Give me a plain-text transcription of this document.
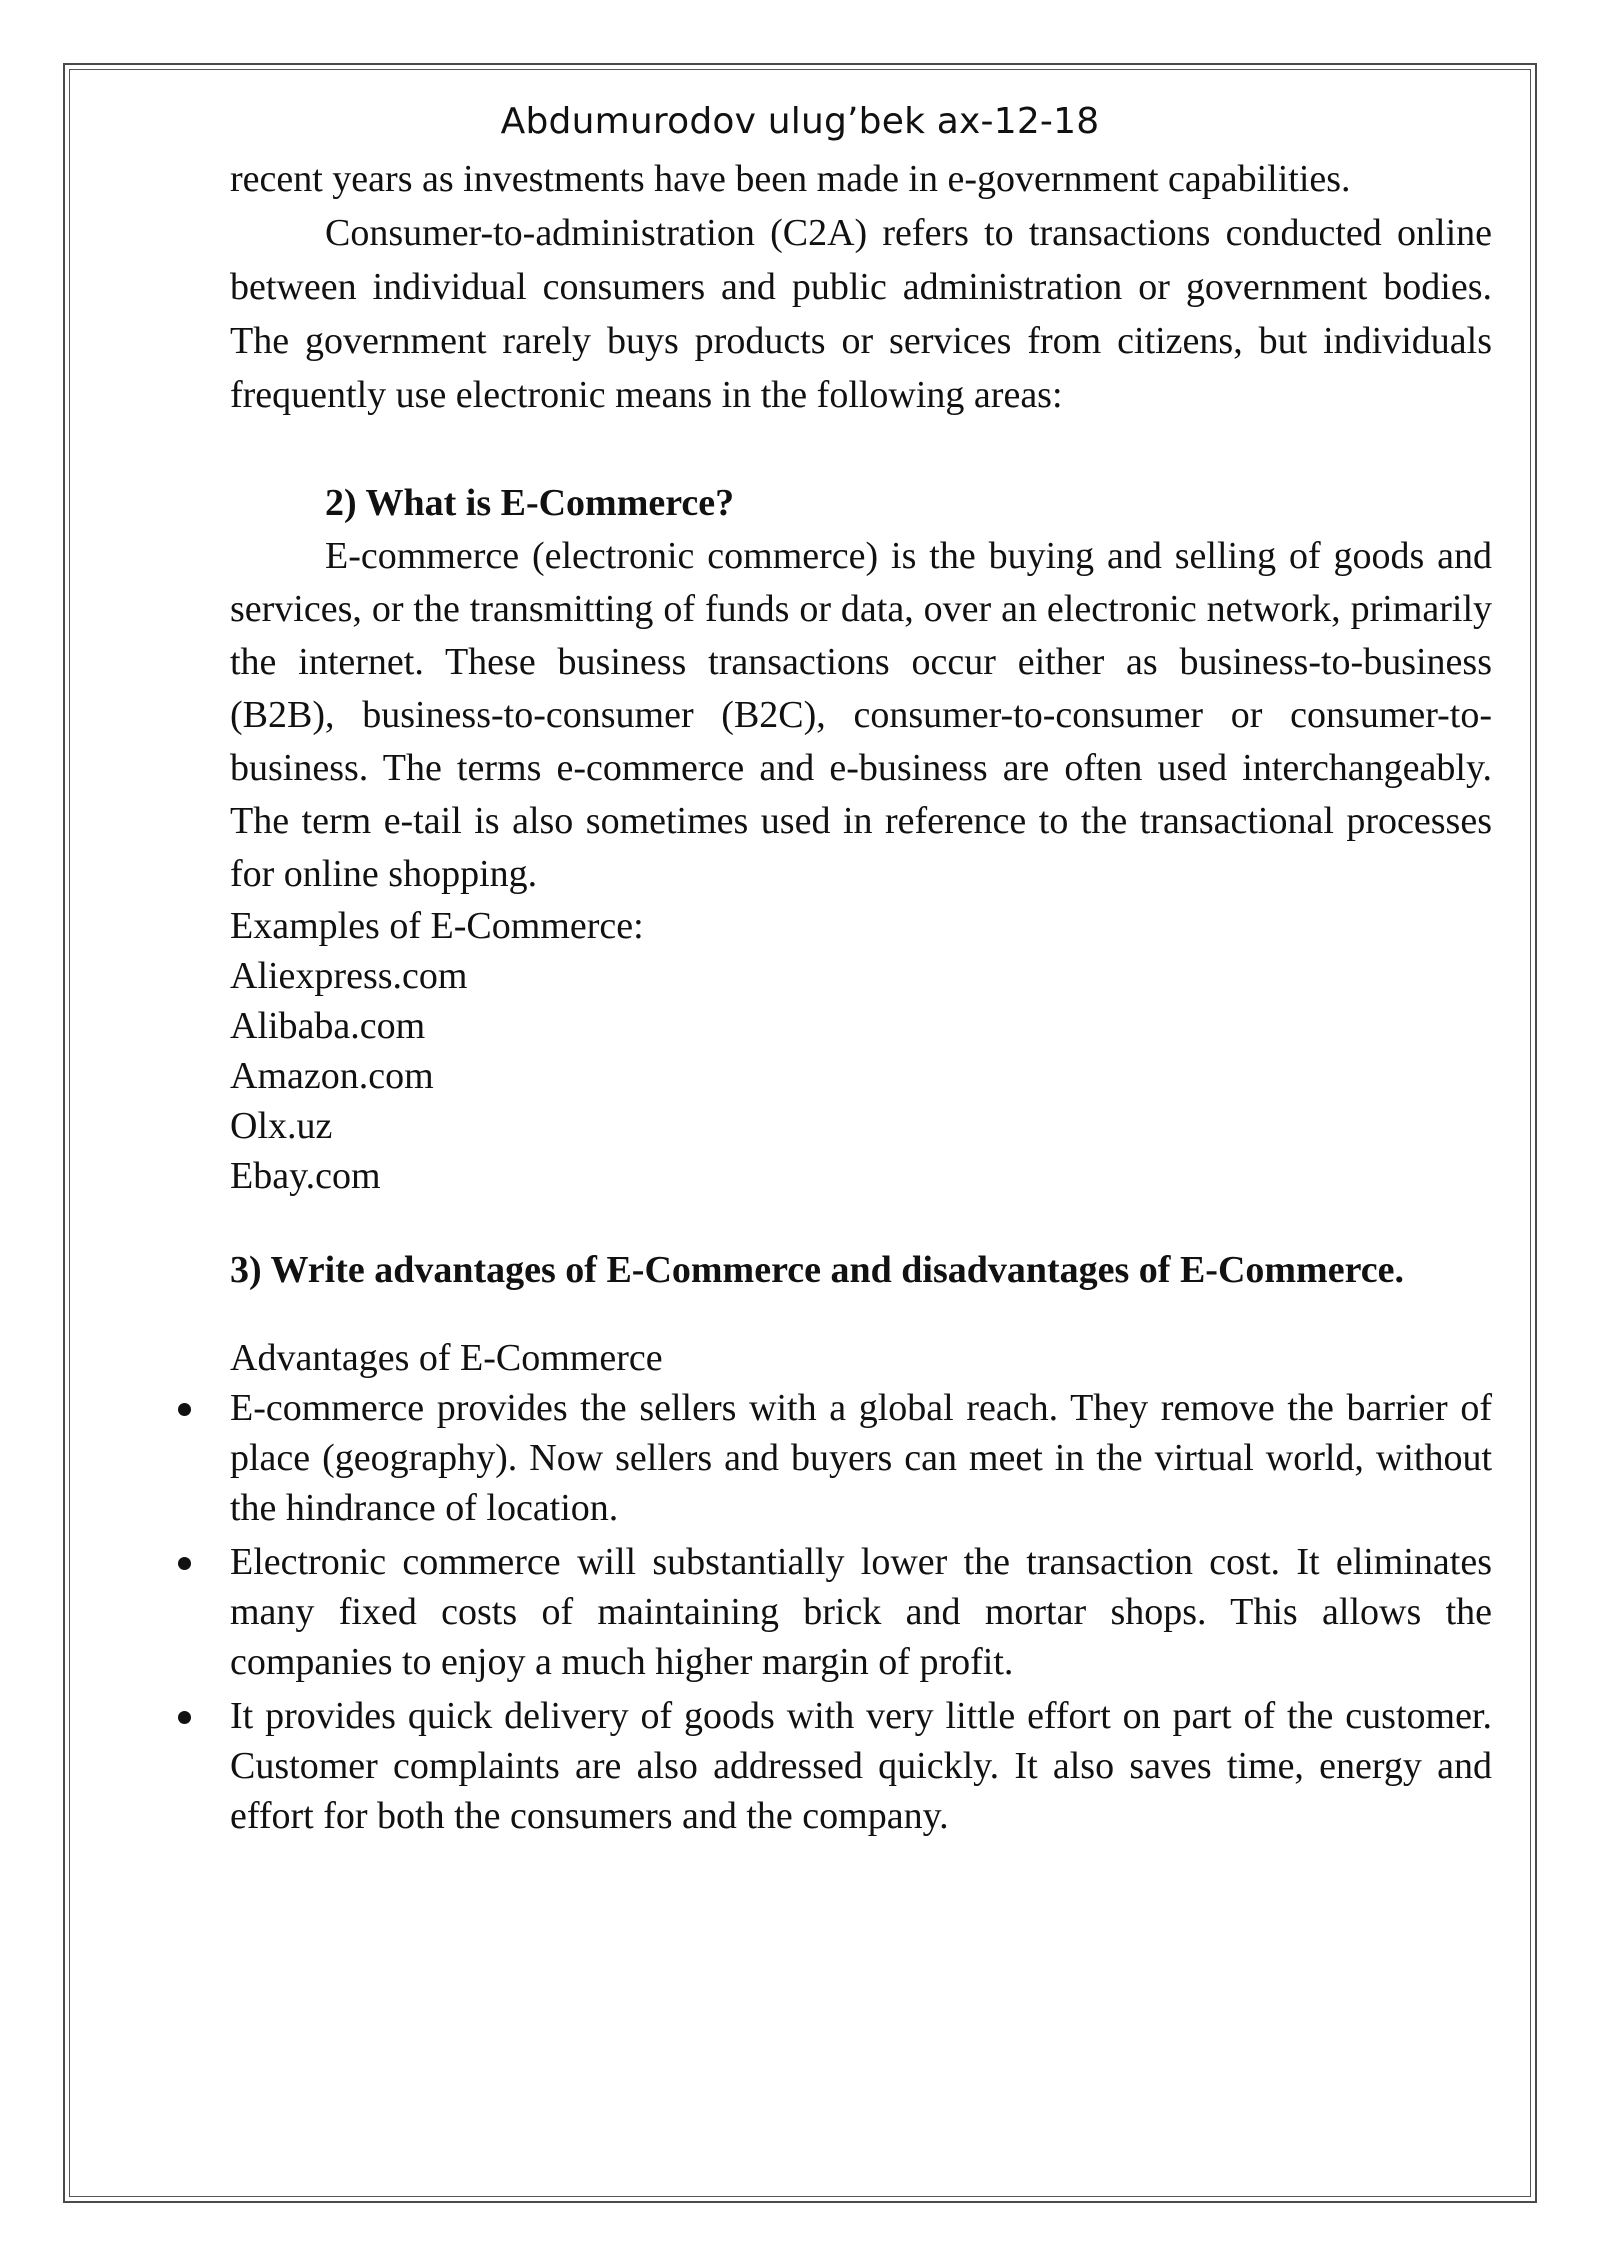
Abdumurodov ulug’bek ax-12-18

recent years as investments have been made in e-government capabilities.

Consumer-to-administration (C2A) refers to transactions conducted online between individual consumers and public administration or government bodies. The government rarely buys products or services from citizens, but individuals frequently use electronic means in the following areas:

2) What is E-Commerce?

E-commerce (electronic commerce) is the buying and selling of goods and services, or the transmitting of funds or data, over an electronic network, primarily the internet. These business transactions occur either as business-to-business (B2B), business-to-consumer (B2C), consumer-to-consumer or consumer-to-business. The terms e-commerce and e-business are often used interchangeably. The term e-tail is also sometimes used in reference to the transactional processes for online shopping.

Examples of E-Commerce:

Aliexpress.com

Alibaba.com

Amazon.com

Olx.uz

Ebay.com

3) Write advantages of E-Commerce and disadvantages of E-Commerce.

Advantages of E-Commerce

E-commerce provides the sellers with a global reach. They remove the barrier of place (geography). Now sellers and buyers can meet in the virtual world, without the hindrance of location.
Electronic commerce will substantially lower the transaction cost. It eliminates many fixed costs of maintaining brick and mortar shops. This allows the companies to enjoy a much higher margin of profit.
It provides quick delivery of goods with very little effort on part of the customer. Customer complaints are also addressed quickly. It also saves time, energy and effort for both the consumers and the company.
